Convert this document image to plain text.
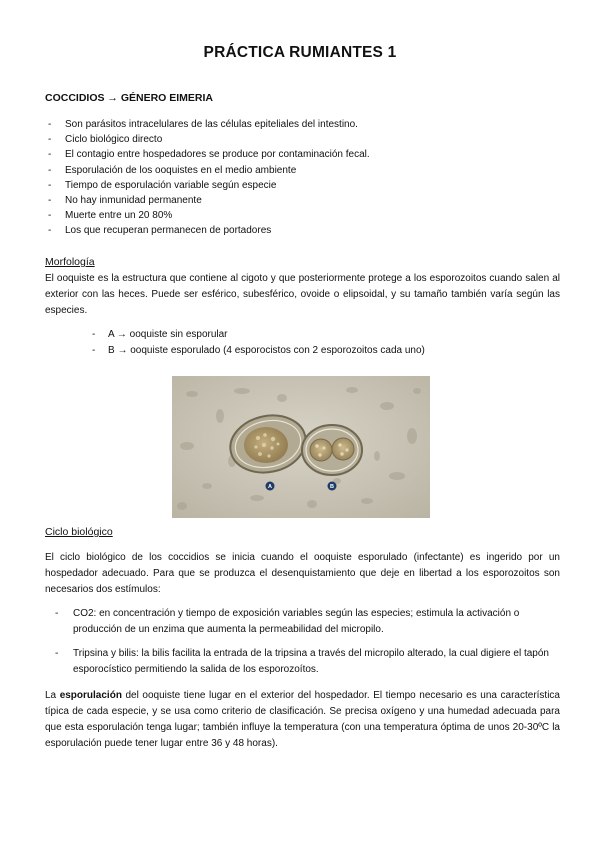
PRÁCTICA RUMIANTES 1
COCCIDIOS → GÉNERO EIMERIA
- Son parásitos intracelulares de las células epiteliales del intestino.
- Ciclo biológico directo
- El contagio entre hospedadores se produce por contaminación fecal.
- Esporulación de los ooquistes en el medio ambiente
- Tiempo de esporulación variable según especie
- No hay inmunidad permanente
- Muerte entre un 20 80%
- Los que recuperan permanecen de portadores
Morfología

El ooquiste es la estructura que contiene al cigoto y que posteriormente protege a los esporozoitos cuando salen al exterior con las heces. Puede ser esférico, subesférico, ovoide o elipsoidal, y su tamaño también varía según las especies.

- A → ooquiste sin esporular
- B → ooquiste esporulado (4 esporocistos con 2 esporozoitos cada uno)
A	B
Ciclo biológico

El ciclo biológico de los coccidios se inicia cuando el ooquiste esporulado (infectante) es ingerido por un hospedador adecuado. Para que se produzca el desenquistamiento que deje en libertad a los esporozoitos son necesarios dos estímulos:

- CO2: en concentración y tiempo de exposición variables según las especies; estimula la activación o producción de un enzima que aumenta la permeabilidad del micropilo.
- Tripsina y bilis: la bilis facilita la entrada de la tripsina a través del micropilo alterado, la cual digiere el tapón esporocístico permitiendo la salida de los esporozoítos.

La esporulación del ooquiste tiene lugar en el exterior del hospedador. El tiempo necesario es una característica típica de cada especie, y se usa como criterio de clasificación. Se precisa oxígeno y una humedad adecuada para que esta esporulación tenga lugar; también influye la temperatura (con una temperatura óptima de unos 20-30ºC la esporulación puede tener lugar entre 36 y 48 horas).
